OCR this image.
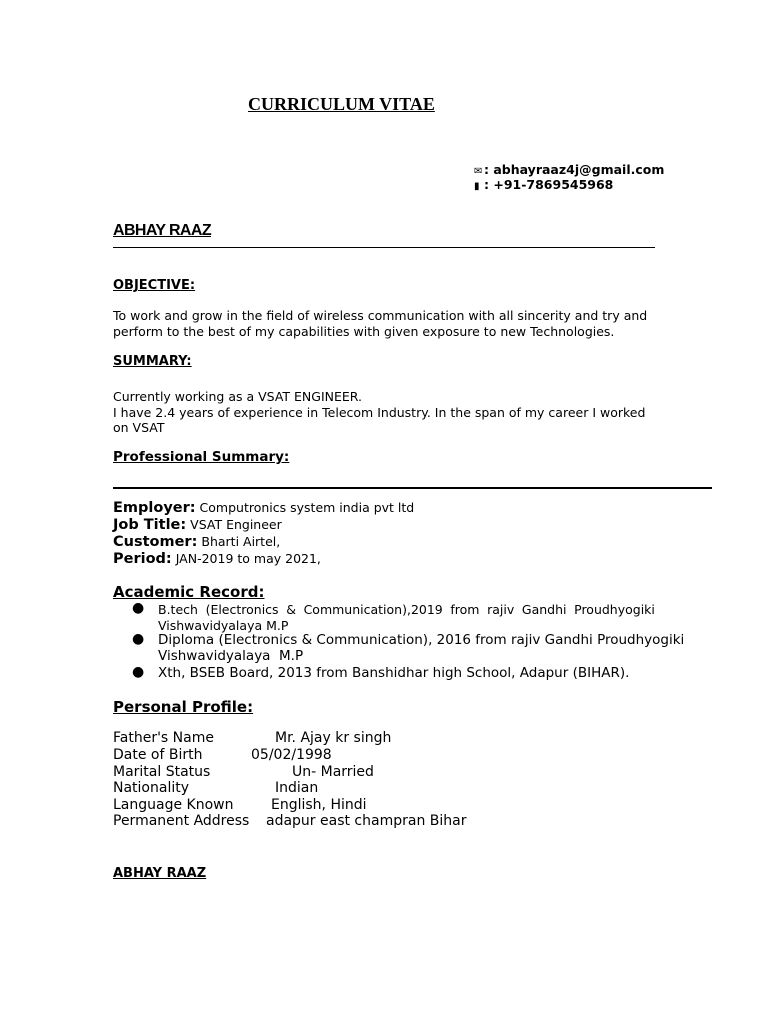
CURRICULUM VITAE
✉ : abhayraaz4j@gmail.com
▮ : +91-7869545968
ABHAY RAAZ
OBJECTIVE:
To work and grow in the field of wireless communication with all sincerity and try and
perform to the best of my capabilities with given exposure to new Technologies.
SUMMARY:
Currently working as a VSAT ENGINEER.
I have 2.4 years of experience in Telecom Industry. In the span of my career I worked
on VSAT
Professional Summary:
Employer: Computronics system india pvt ltd
Job Title: VSAT Engineer
Customer: Bharti Airtel,
Period: JAN-2019 to may 2021,
Academic Record:
● B.tech (Electronics & Communication),2019 from rajiv Gandhi Proudhyogiki
Vishwavidyalaya M.P
● Diploma (Electronics & Communication), 2016 from rajiv Gandhi Proudhyogiki
Vishwavidyalaya  M.P
● Xth, BSEB Board, 2013 from Banshidhar high School, Adapur (BIHAR).
Personal Profile:
Father's Name	Mr. Ajay kr singh
Date of Birth	05/02/1998
Marital Status	Un- Married
Nationality	Indian
Language Known	English, Hindi
Permanent Address adapur east champran Bihar
ABHAY RAAZ
